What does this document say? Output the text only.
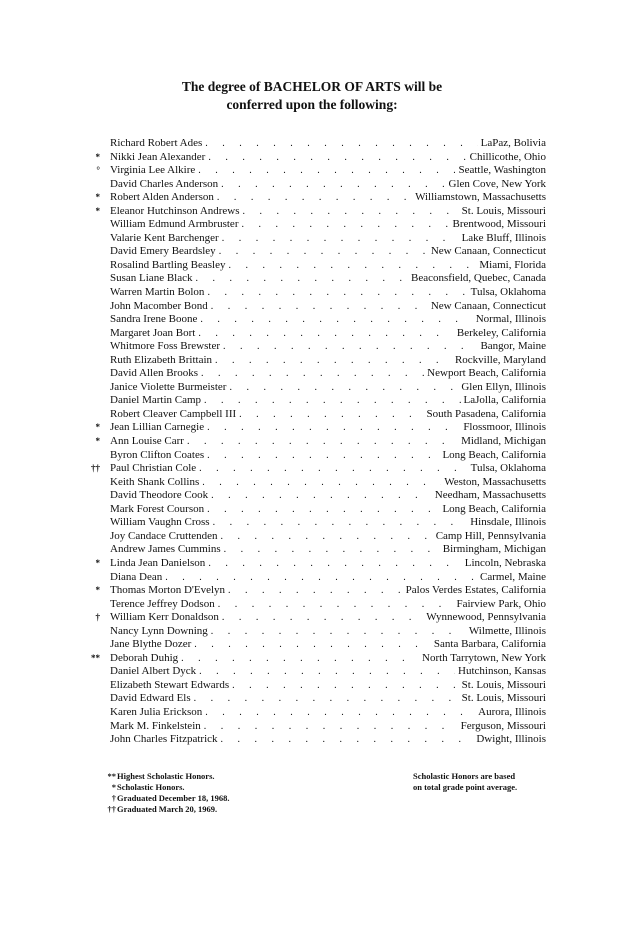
The degree of BACHELOR OF ARTS will be
conferred upon the following:
Richard Robert Ades . . .	LaPaz, Bolivia
* Nikki Jean Alexander . . .	Chillicothe, Ohio
° Virginia Lee Alkire . . .	Seattle, Washington
David Charles Anderson . . .	Glen Cove, New York
* Robert Alden Anderson . . .	Williamstown, Massachusetts
* Eleanor Hutchinson Andrews . . .	St. Louis, Missouri
William Edmund Armbruster . . .	Brentwood, Missouri
Valarie Kent Barchenger . . .	Lake Bluff, Illinois
David Emery Beardsley . . .	New Canaan, Connecticut
Rosalind Bartling Beasley . . .	Miami, Florida
Susan Liane Black . . .	Beaconsfield, Quebec, Canada
Warren Martin Bolon . . .	Tulsa, Oklahoma
John Macomber Bond . . .	New Canaan, Connecticut
Sandra Irene Boone . . .	Normal, Illinois
Margaret Joan Bort . . .	Berkeley, California
Whitmore Foss Brewster . . .	Bangor, Maine
Ruth Elizabeth Brittain . . .	Rockville, Maryland
David Allen Brooks . . .	Newport Beach, California
Janice Violette Burmeister . . .	Glen Ellyn, Illinois
Daniel Martin Camp . . .	LaJolla, California
Robert Cleaver Campbell III . . .	South Pasadena, California
* Jean Lillian Carnegie . . .	Flossmoor, Illinois
* Ann Louise Carr . . .	Midland, Michigan
Byron Clifton Coates . . .	Long Beach, California
†† Paul Christian Cole . . .	Tulsa, Oklahoma
Keith Shank Collins . . .	Weston, Massachusetts
David Theodore Cook . . .	Needham, Massachusetts
Mark Forest Courson . . .	Long Beach, California
William Vaughn Cross . . .	Hinsdale, Illinois
Joy Candace Cruttenden . . .	Camp Hill, Pennsylvania
Andrew James Cummins . . .	Birmingham, Michigan
* Linda Jean Danielson . . .	Lincoln, Nebraska
Diana Dean . . .	Carmel, Maine
* Thomas Morton D'Evelyn . . .	Palos Verdes Estates, California
Terence Jeffrey Dodson . . .	Fairview Park, Ohio
† William Kerr Donaldson . . .	Wynnewood, Pennsylvania
Nancy Lynn Downing . . .	Wilmette, Illinois
Jane Blythe Dozer . . .	Santa Barbara, California
** Deborah Duhig . . .	North Tarrytown, New York
Daniel Albert Dyck . . .	Hutchinson, Kansas
Elizabeth Stewart Edwards . . .	St. Louis, Missouri
David Edward Els . . .	St. Louis, Missouri
Karen Julia Erickson . . .	Aurora, Illinois
Mark M. Finkelstein . . .	Ferguson, Missouri
John Charles Fitzpatrick . . .	Dwight, Illinois
** Highest Scholastic Honors.
* Scholastic Honors.
† Graduated December 18, 1968.
†† Graduated March 20, 1969.
Scholastic Honors are based
on total grade point average.
